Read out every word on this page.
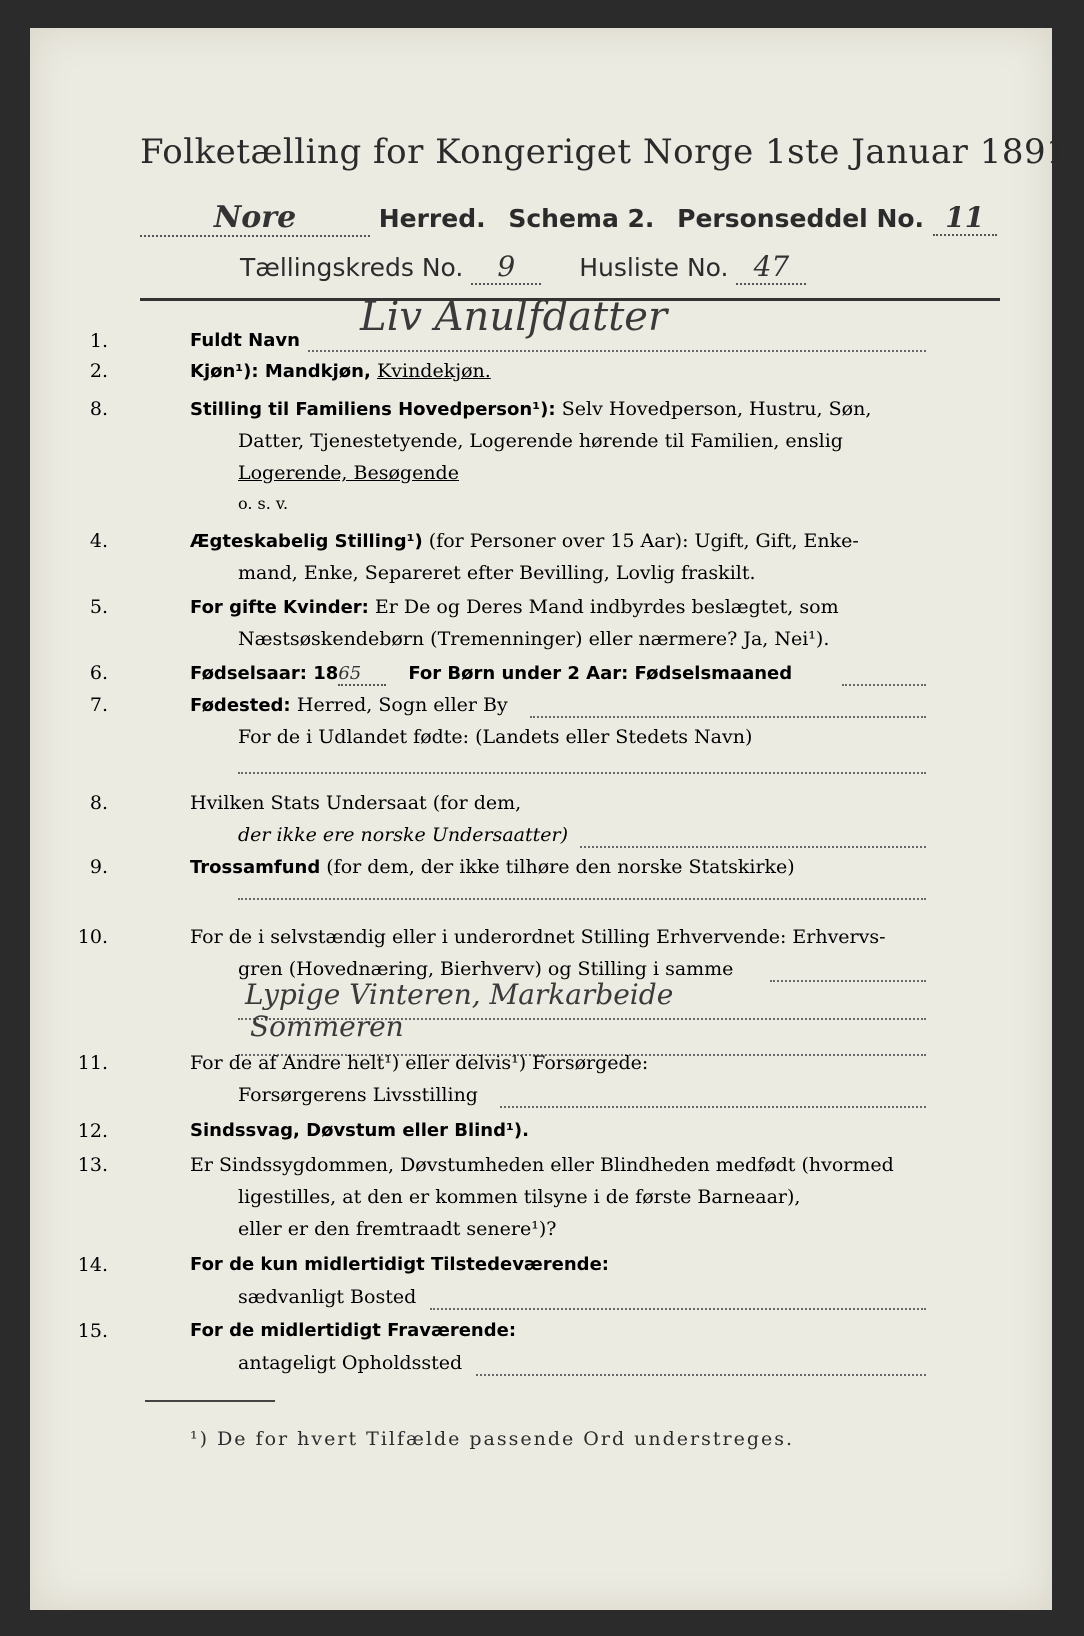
Folketælling for Kongeriget Norge 1ste Januar 1891.
Nore	Herred. Schema 2. Personseddel No. 11
Tællingskreds No. 9	Husliste No. 47
1.	Fuldt Navn
Liv Anulfdatter
2.	Kjøn¹): Mandkjøn, Kvindekjøn.
8.	Stilling til Familiens Hovedperson¹): Selv Hovedperson, Hustru, Søn,
Datter, Tjenestetyende, Logerende hørende til Familien, enslig
Logerende, Besøgende
o. s. v.
4.	Ægteskabelig Stilling¹) (for Personer over 15 Aar): Ugift, Gift, Enke-
mand, Enke, Separeret efter Bevilling, Lovlig fraskilt.
5.	For gifte Kvinder: Er De og Deres Mand indbyrdes beslægtet, som
Næstsøskendebørn (Tremenninger) eller nærmere? Ja, Nei¹).
6.	Fødselsaar: 1865	For Børn under 2 Aar: Fødselsmaaned
7.	Fødested: Herred, Sogn eller By
For de i Udlandet fødte: (Landets eller Stedets Navn)
8.	Hvilken Stats Undersaat (for dem,
der ikke ere norske Undersaatter)
9.	Trossamfund (for dem, der ikke tilhøre den norske Statskirke)
10.	For de i selvstændig eller i underordnet Stilling Erhvervende: Erhvervs-
gren (Hovednæring, Bierhverv) og Stilling i samme
Lypige Vinteren, Markarbeide
Sommeren
11.	For de af Andre helt¹) eller delvis¹) Forsørgede:
Forsørgerens Livsstilling
12.	Sindssvag, Døvstum eller Blind¹).
13.	Er Sindssygdommen, Døvstumheden eller Blindheden medfødt (hvormed
ligestilles, at den er kommen tilsyne i de første Barneaar),
eller er den fremtraadt senere¹)?
14.	For de kun midlertidigt Tilstedeværende:
sædvanligt Bosted
15.	For de midlertidigt Fraværende:
antageligt Opholdssted
¹) De for hvert Tilfælde passende Ord understreges.
